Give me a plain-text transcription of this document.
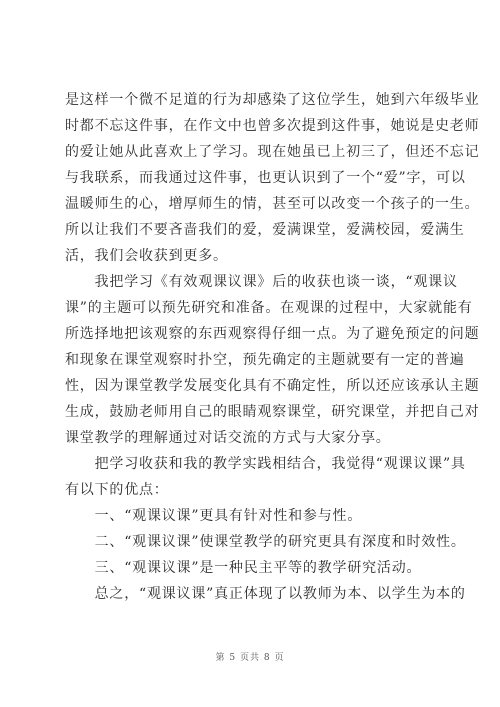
是这样一个微不足道的行为却感染了这位学生，她到六年级毕业
时都不忘这件事，在作文中也曾多次提到这件事，她说是史老师
的爱让她从此喜欢上了学习。现在她虽已上初三了，但还不忘记
与我联系，而我通过这件事，也更认识到了一个“爱”字，可以
温暖师生的心，增厚师生的情，甚至可以改变一个孩子的一生。
所以让我们不要吝啬我们的爱，爱满课堂，爱满校园，爱满生
活，我们会收获到更多。
　　我把学习《有效观课议课》后的收获也谈一谈，“观课议
课”的主题可以预先研究和准备。在观课的过程中，大家就能有
所选择地把该观察的东西观察得仔细一点。为了避免预定的问题
和现象在课堂观察时扑空，预先确定的主题就要有一定的普遍
性，因为课堂教学发展变化具有不确定性，所以还应该承认主题
生成，鼓励老师用自己的眼睛观察课堂，研究课堂，并把自己对
课堂教学的理解通过对话交流的方式与大家分享。
　　把学习收获和我的教学实践相结合，我觉得“观课议课”具
有以下的优点：
　　一、“观课议课”更具有针对性和参与性。
　　二、“观课议课”使课堂教学的研究更具有深度和时效性。
　　三、“观课议课”是一种民主平等的教学研究活动。
　　总之，“观课议课”真正体现了以教师为本、以学生为本的
第 5 页共 8 页
